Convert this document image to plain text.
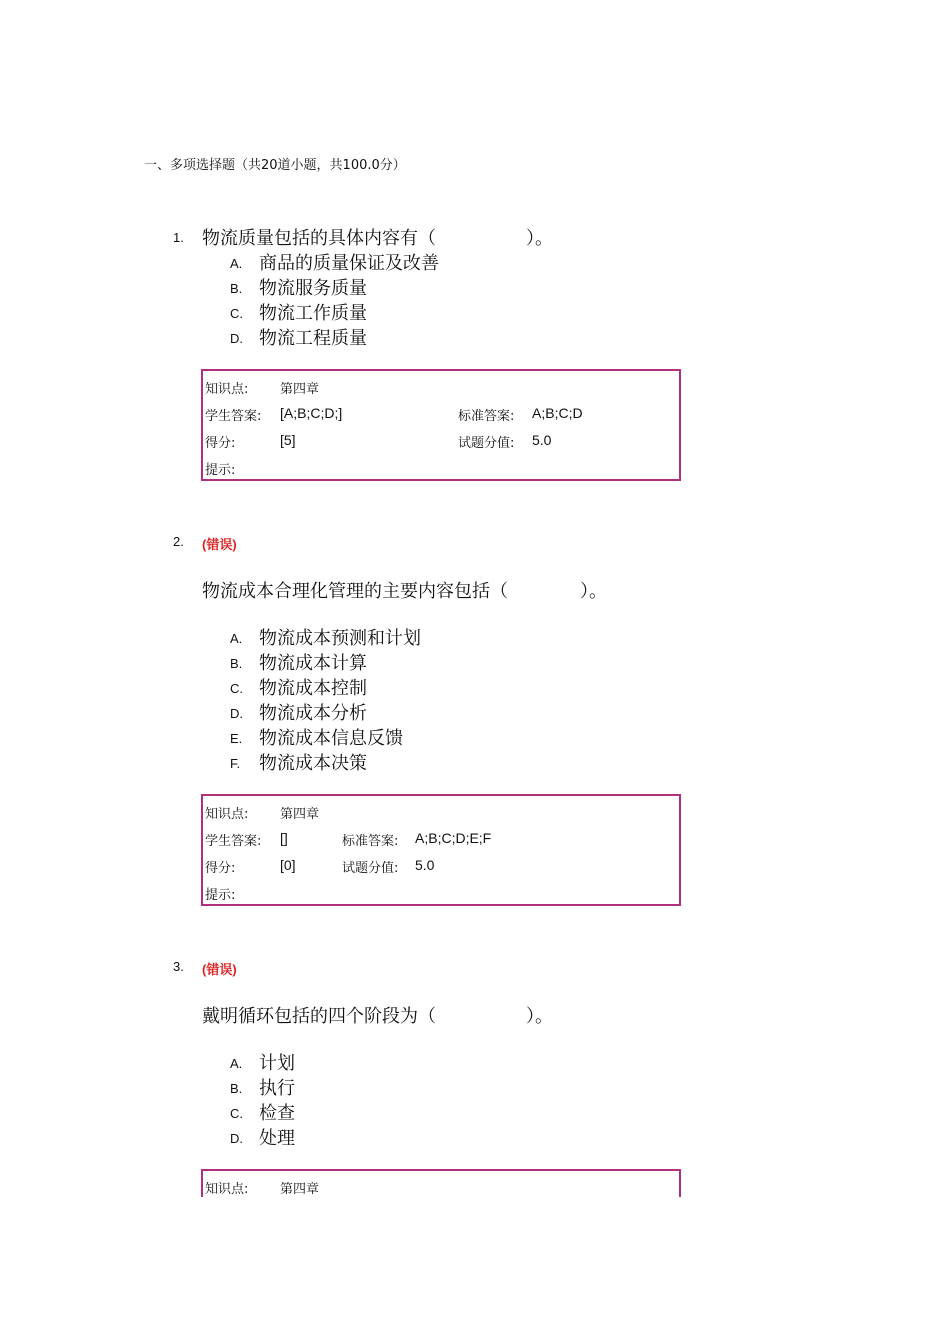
一、多项选择题（共20道小题，共100.0分）
1. 物流质量包括的具体内容有（　　　　　）。
A. 商品的质量保证及改善
B. 物流服务质量
C. 物流工作质量
D. 物流工程质量
知识点: 第四章
学生答案: [A;B;C;D;]	标准答案: A;B;C;D
得分:	[5]	试题分值: 5.0
提示:
2. (错误)
物流成本合理化管理的主要内容包括（　　　　）。
A. 物流成本预测和计划
B. 物流成本计算
C. 物流成本控制
D. 物流成本分析
E. 物流成本信息反馈
F. 物流成本决策
知识点: 第四章
学生答案: []	标准答案: A;B;C;D;E;F
得分:	[0]	试题分值: 5.0
提示:
3. (错误)
戴明循环包括的四个阶段为（　　　　　）。
A. 计划
B. 执行
C. 检查
D. 处理
知识点: 第四章
